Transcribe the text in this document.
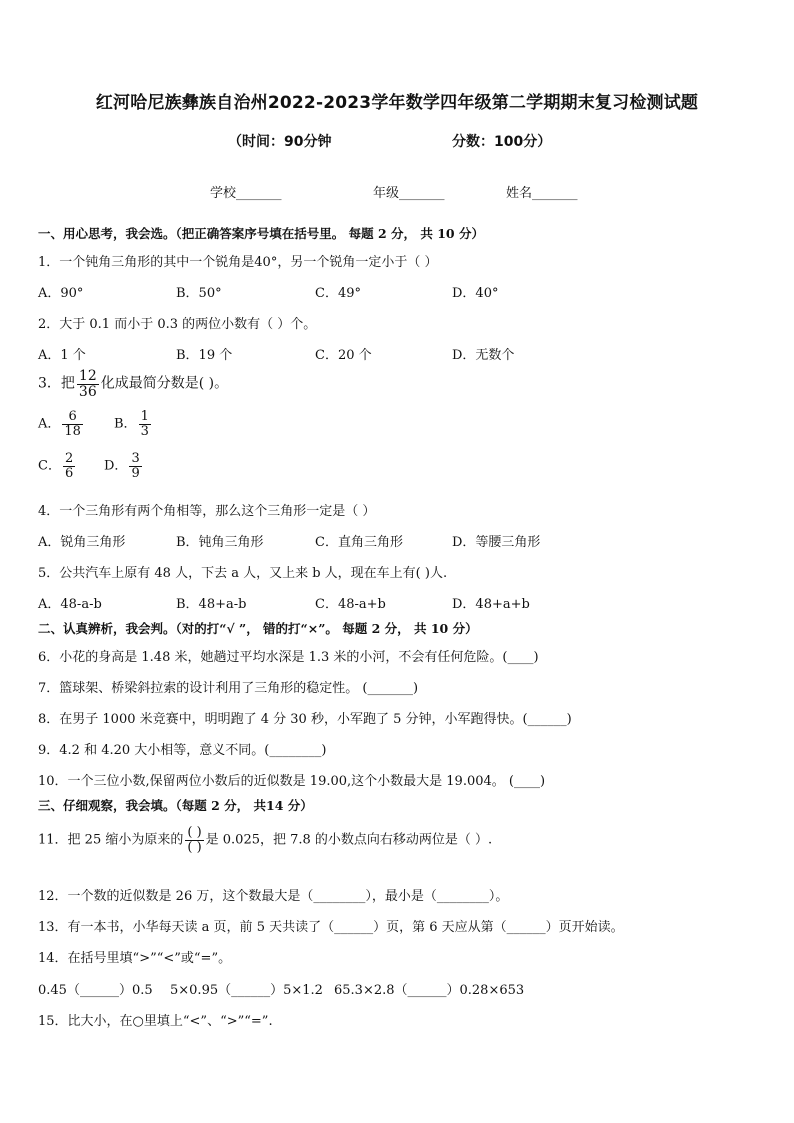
红河哈尼族彝族自治州2022-2023学年数学四年级第二学期期末复习检测试题
（时间：90分钟	分数：100分）
学校_______	年级_______	姓名_______
一、用心思考，我会选。（把正确答案序号填在括号里。 每题 2 分， 共 10 分）
1．一个钝角三角形的其中一个锐角是40°，另一个锐角一定小于（ ）
A．90°	B．50°	C．49°	D．40°
2．大于 0.1 而小于 0.3 的两位小数有（ ）个。
A．1 个	B．19 个	C．20 个	D．无数个
3．把 $\frac{12}{36}$ 化成最简分数是( )。
A． $\frac{6}{18}$ B． $\frac{1}{3}$
C． $\frac{2}{6}$ D． $\frac{3}{9}$
4．一个三角形有两个角相等，那么这个三角形一定是（ ）
A．锐角三角形	B．钝角三角形	C．直角三角形	D．等腰三角形
5．公共汽车上原有 48 人，下去 a 人，又上来 b 人，现在车上有( )人.
A．48-a-b	B．48+a-b	C．48-a+b	D．48+a+b
二、认真辨析，我会判。（对的打“√ ”， 错的打“×”。 每题 2 分， 共 10 分）
6．小花的身高是 1.48 米，她趟过平均水深是 1.3 米的小河，不会有任何危险。(____)
7．篮球架、桥梁斜拉索的设计利用了三角形的稳定性。 (_______)
8．在男子 1000 米竞赛中，明明跑了 4 分 30 秒，小军跑了 5 分钟，小军跑得快。(______)
9．4.2 和 4.20 大小相等，意义不同。(________)
10．一个三位小数,保留两位小数后的近似数是 19.00,这个小数最大是 19.004。 (____)
三、仔细观察，我会填。（每题 2 分， 共14 分）
11．把 25 缩小为原来的 $\frac{( )}{( )}$ 是 0.025，把 7.8 的小数点向右移动两位是（ ）.
12．一个数的近似数是 26 万，这个数最大是（________），最小是（________）。
13．有一本书，小华每天读 a 页，前 5 天共读了（______）页，第 6 天应从第（______）页开始读。
14．在括号里填“>”“<”或“=”。
0.45（______）0.5 5×0.95（______）5×1.2 65.3×2.8（______）0.28×653
15．比大小，在○里填上“<”、“>”“=”.
